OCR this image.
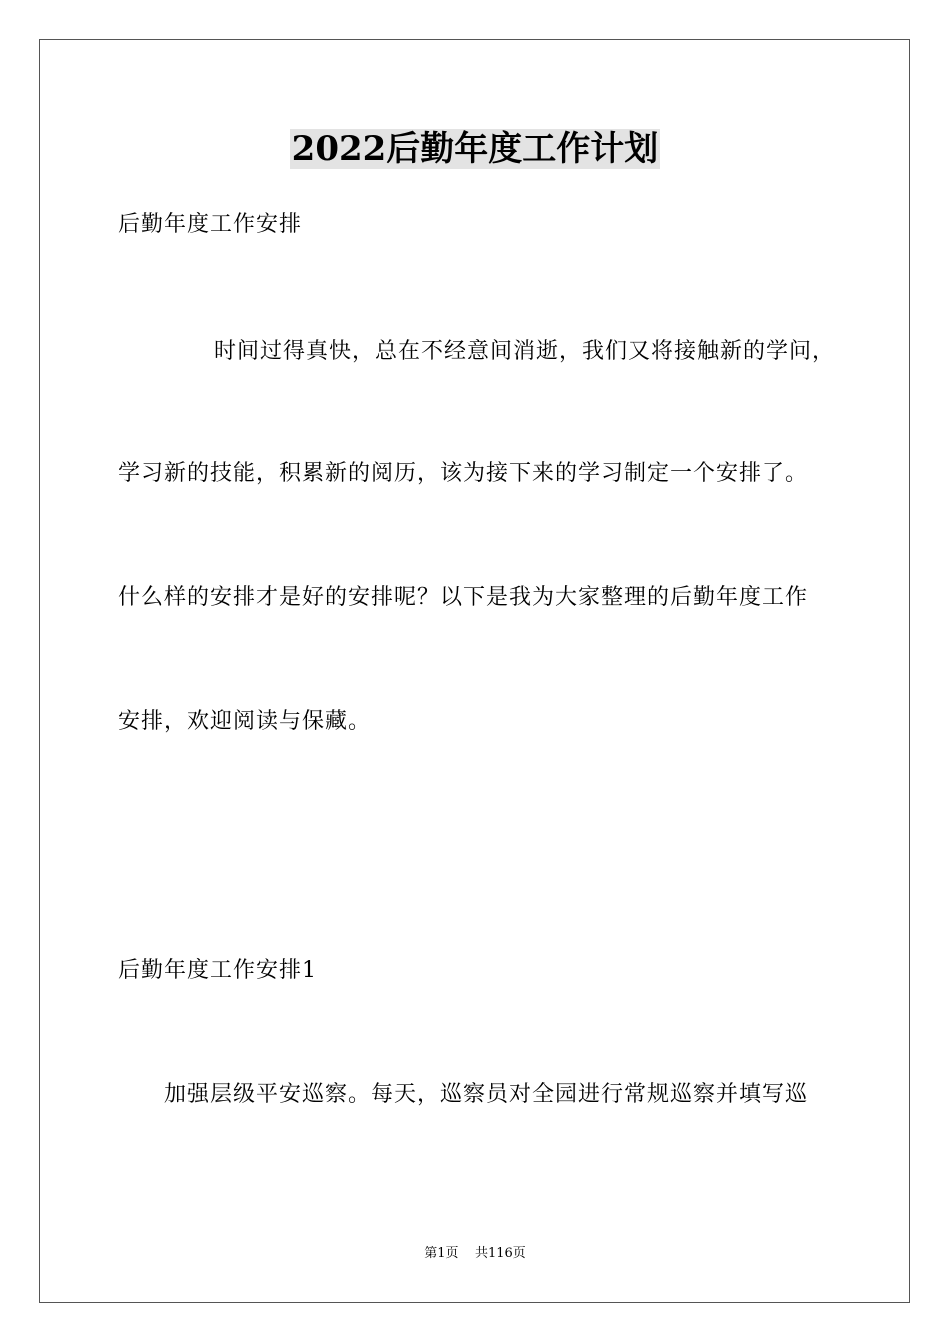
2022后勤年度工作计划
后勤年度工作安排
时间过得真快，总在不经意间消逝，我们又将接触新的学问，
学习新的技能，积累新的阅历，该为接下来的学习制定一个安排了。
什么样的安排才是好的安排呢？以下是我为大家整理的后勤年度工作
安排，欢迎阅读与保藏。
后勤年度工作安排1
加强层级平安巡察。每天，巡察员对全园进行常规巡察并填写巡
第1页    共116页
